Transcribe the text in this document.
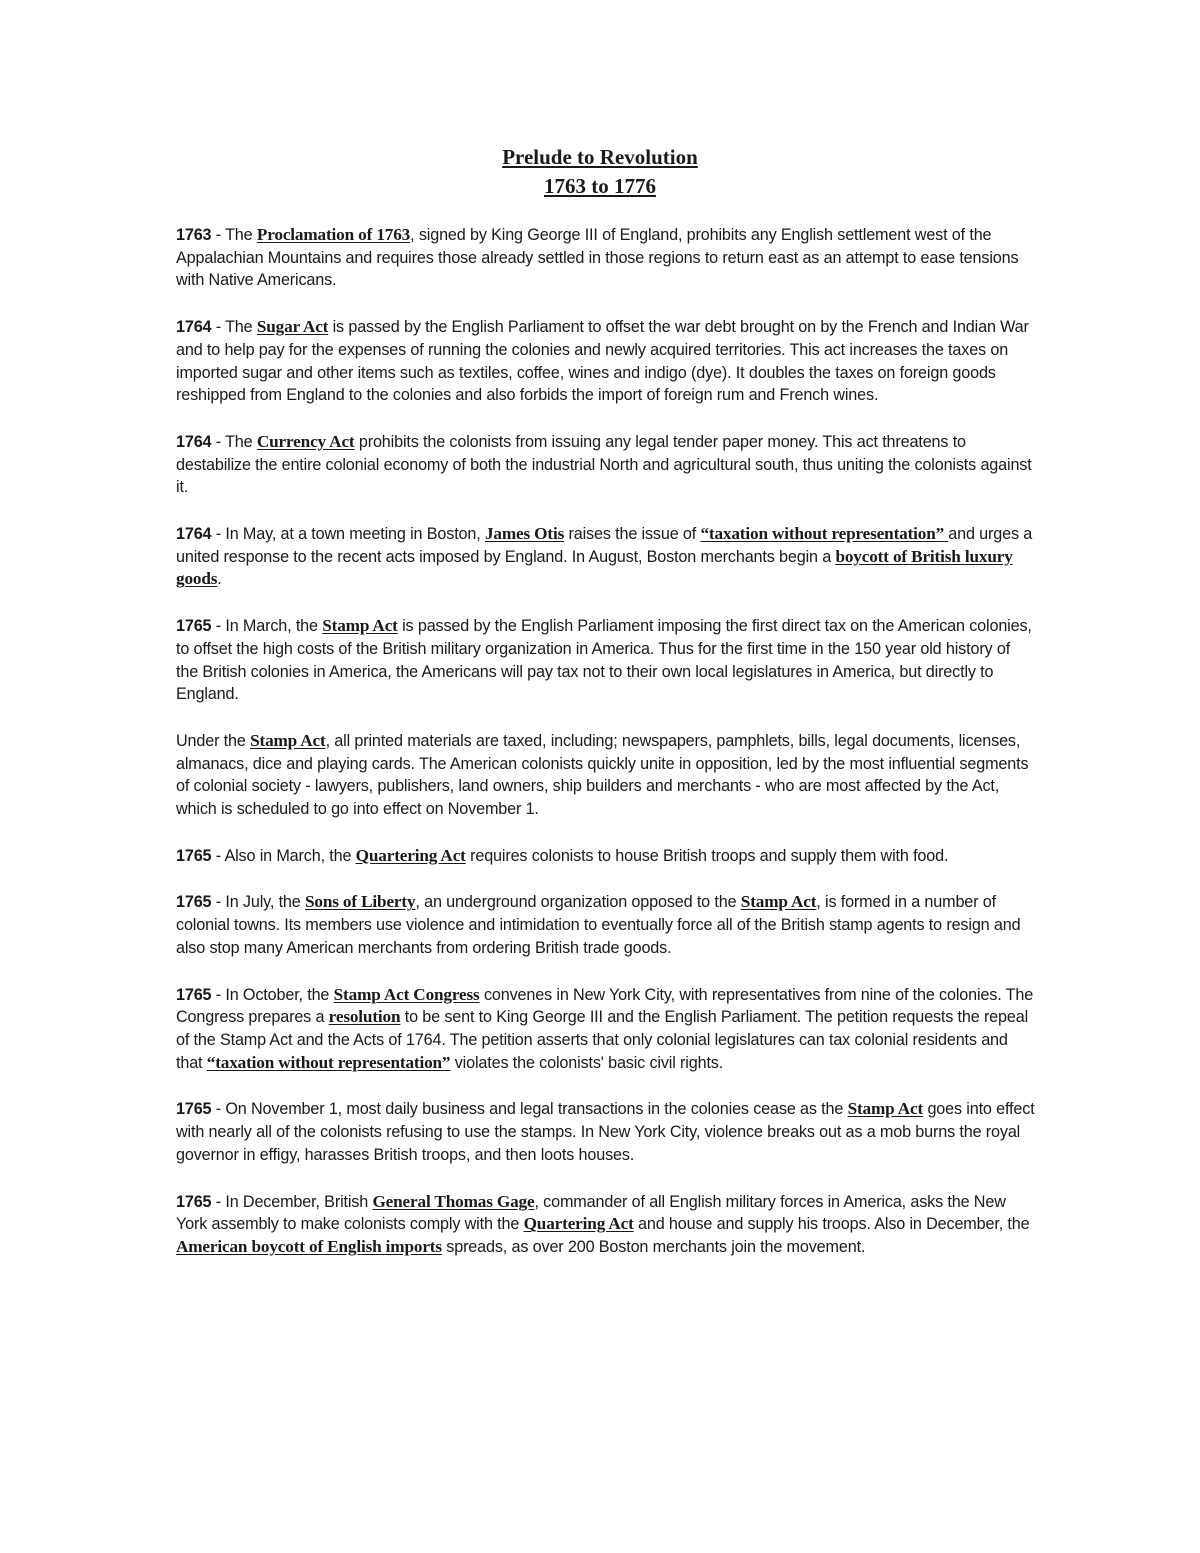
Prelude to Revolution
1763 to 1776

1763 - The Proclamation of 1763, signed by King George III of England, prohibits any English settlement west of the Appalachian Mountains and requires those already settled in those regions to return east as an attempt to ease tensions with Native Americans.

1764 - The Sugar Act is passed by the English Parliament to offset the war debt brought on by the French and Indian War and to help pay for the expenses of running the colonies and newly acquired territories. This act increases the taxes on imported sugar and other items such as textiles, coffee, wines and indigo (dye). It doubles the taxes on foreign goods reshipped from England to the colonies and also forbids the import of foreign rum and French wines.

1764 - The Currency Act prohibits the colonists from issuing any legal tender paper money. This act threatens to destabilize the entire colonial economy of both the industrial North and agricultural south, thus uniting the colonists against it.

1764 - In May, at a town meeting in Boston, James Otis raises the issue of “taxation without representation” and urges a united response to the recent acts imposed by England. In August, Boston merchants begin a boycott of British luxury goods.

1765 - In March, the Stamp Act is passed by the English Parliament imposing the first direct tax on the American colonies, to offset the high costs of the British military organization in America. Thus for the first time in the 150 year old history of the British colonies in America, the Americans will pay tax not to their own local legislatures in America, but directly to England.

Under the Stamp Act, all printed materials are taxed, including; newspapers, pamphlets, bills, legal documents, licenses, almanacs, dice and playing cards. The American colonists quickly unite in opposition, led by the most influential segments of colonial society - lawyers, publishers, land owners, ship builders and merchants - who are most affected by the Act, which is scheduled to go into effect on November 1.

1765 - Also in March, the Quartering Act requires colonists to house British troops and supply them with food.

1765 - In July, the Sons of Liberty, an underground organization opposed to the Stamp Act, is formed in a number of colonial towns. Its members use violence and intimidation to eventually force all of the British stamp agents to resign and also stop many American merchants from ordering British trade goods.

1765 - In October, the Stamp Act Congress convenes in New York City, with representatives from nine of the colonies. The Congress prepares a resolution to be sent to King George III and the English Parliament. The petition requests the repeal of the Stamp Act and the Acts of 1764. The petition asserts that only colonial legislatures can tax colonial residents and that “taxation without representation” violates the colonists' basic civil rights.

1765 - On November 1, most daily business and legal transactions in the colonies cease as the Stamp Act goes into effect with nearly all of the colonists refusing to use the stamps. In New York City, violence breaks out as a mob burns the royal governor in effigy, harasses British troops, and then loots houses.

1765 - In December, British General Thomas Gage, commander of all English military forces in America, asks the New York assembly to make colonists comply with the Quartering Act and house and supply his troops. Also in December, the American boycott of English imports spreads, as over 200 Boston merchants join the movement.
